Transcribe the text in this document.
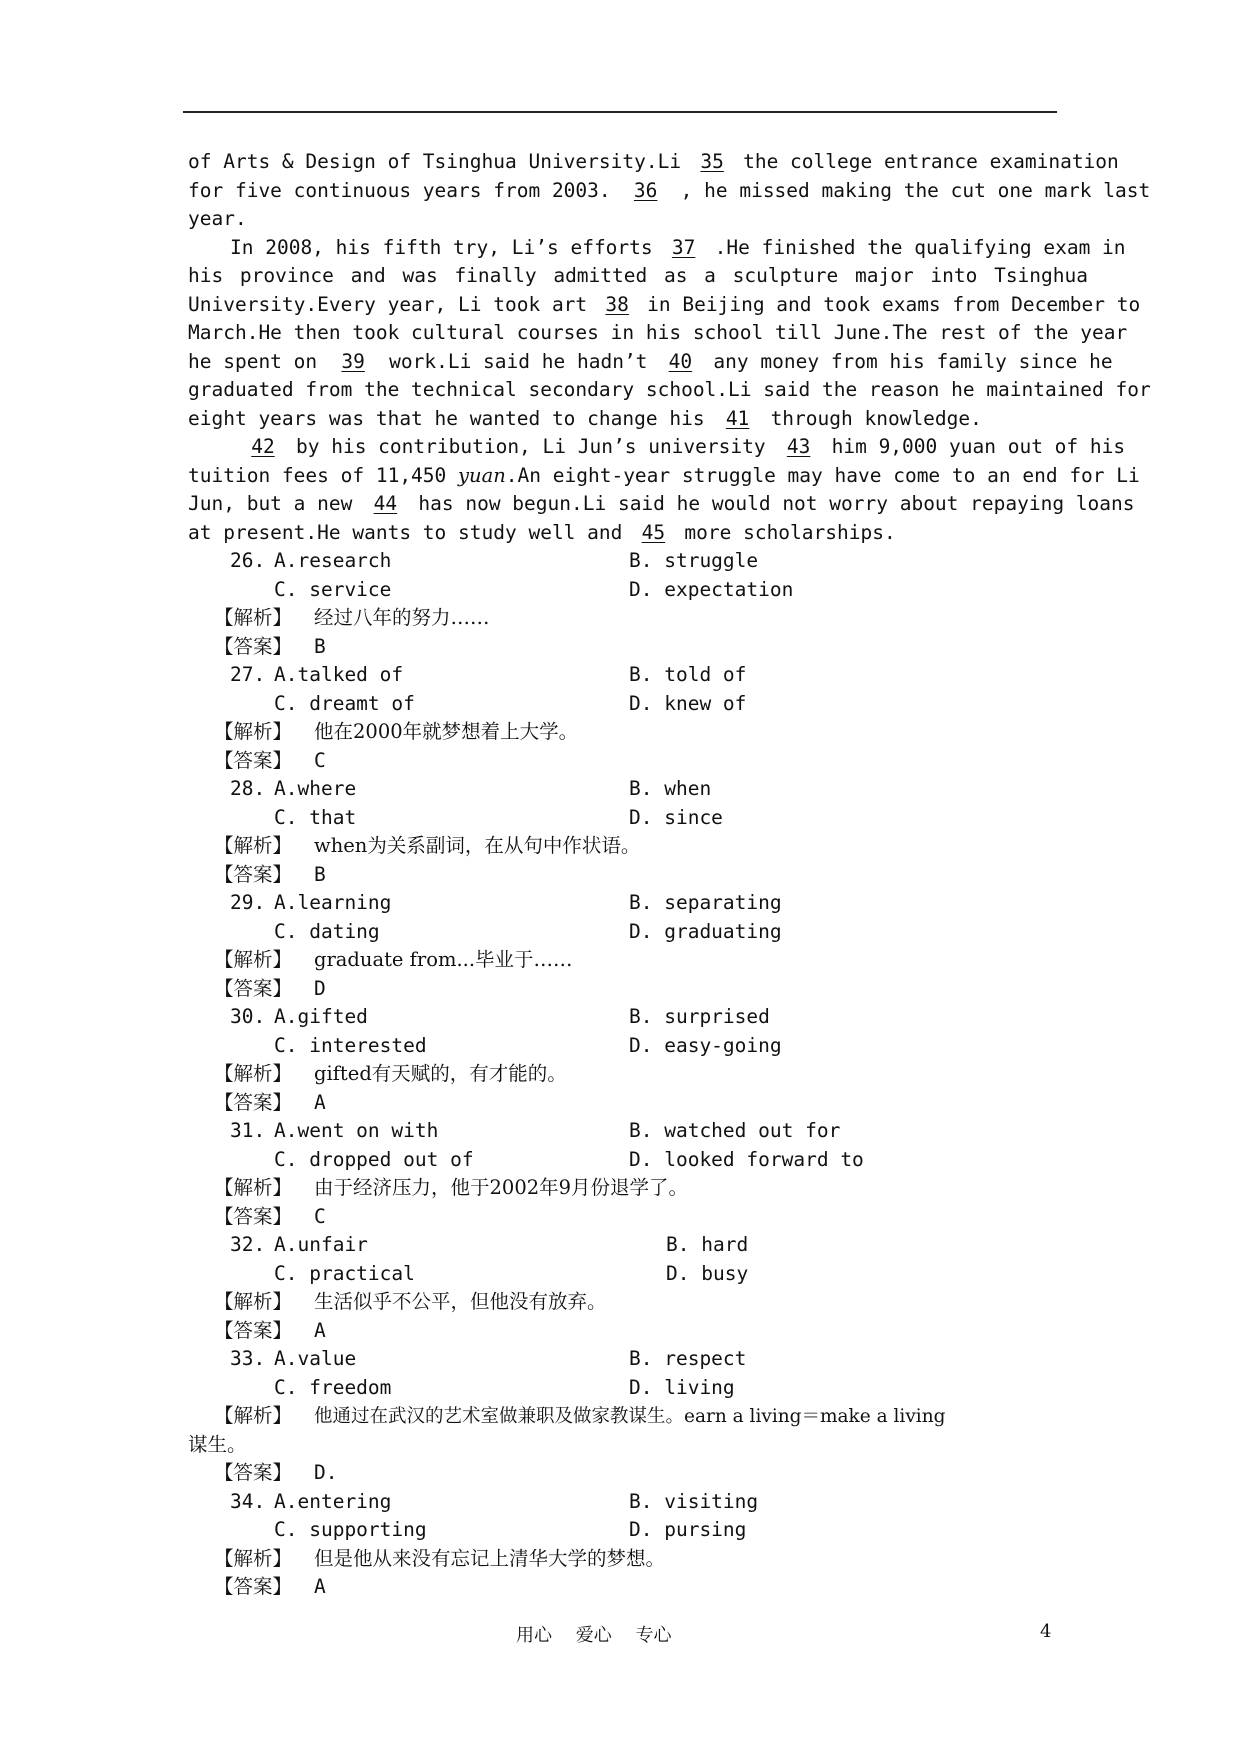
of Arts & Design of Tsinghua University.Li 35 the college entrance examination
for five continuous years from 2003. 36 , he missed making the cut one mark last
year.
In 2008, his fifth try, Li’s efforts 37 .He finished the qualifying exam in
his province and was finally admitted as a sculpture major into Tsinghua
University.Every year, Li took art 38 in Beijing and took exams from December to
March.He then took cultural courses in his school till June.The rest of the year
he spent on 39 work.Li said he hadn’t 40 any money from his family since he
graduated from the technical secondary school.Li said the reason he maintained for
eight years was that he wanted to change his 41 through knowledge.
42 by his contribution, Li Jun’s university 43 him 9,000 yuan out of his
tuition fees of 11,450 yuan.An eight-year struggle may have come to an end for Li
Jun, but a new 44 has now begun.Li said he would not worry about repaying loans
at present.He wants to study well and 45 more scholarships.
26. A.research	B. struggle
C. service	D. expectation
【解析】 经过八年的努力……
【答案】 B
27. A.talked of	B. told of
C. dreamt of	D. knew of
【解析】 他在2000年就梦想着上大学。
【答案】 C
28. A.where	B. when
C. that	D. since
【解析】 when为关系副词，在从句中作状语。
【答案】 B
29. A.learning	B. separating
C. dating	D. graduating
【解析】 graduate from...毕业于……
【答案】 D
30. A.gifted	B. surprised
C. interested	D. easy-going
【解析】 gifted有天赋的，有才能的。
【答案】 A
31. A.went on with	B. watched out for
C. dropped out of	D. looked forward to
【解析】 由于经济压力，他于2002年9月份退学了。
【答案】 C
32. A.unfair	B. hard
C. practical	D. busy
【解析】 生活似乎不公平，但他没有放弃。
【答案】 A
33. A.value	B. respect
C. freedom	D. living
【解析】 他通过在武汉的艺术室做兼职及做家教谋生。earn a living＝make a living
谋生。
【答案】 D.
34. A.entering	B. visiting
C. supporting	D. pursing
【解析】 但是他从来没有忘记上清华大学的梦想。
【答案】 A
用心 爱心 专心	4
